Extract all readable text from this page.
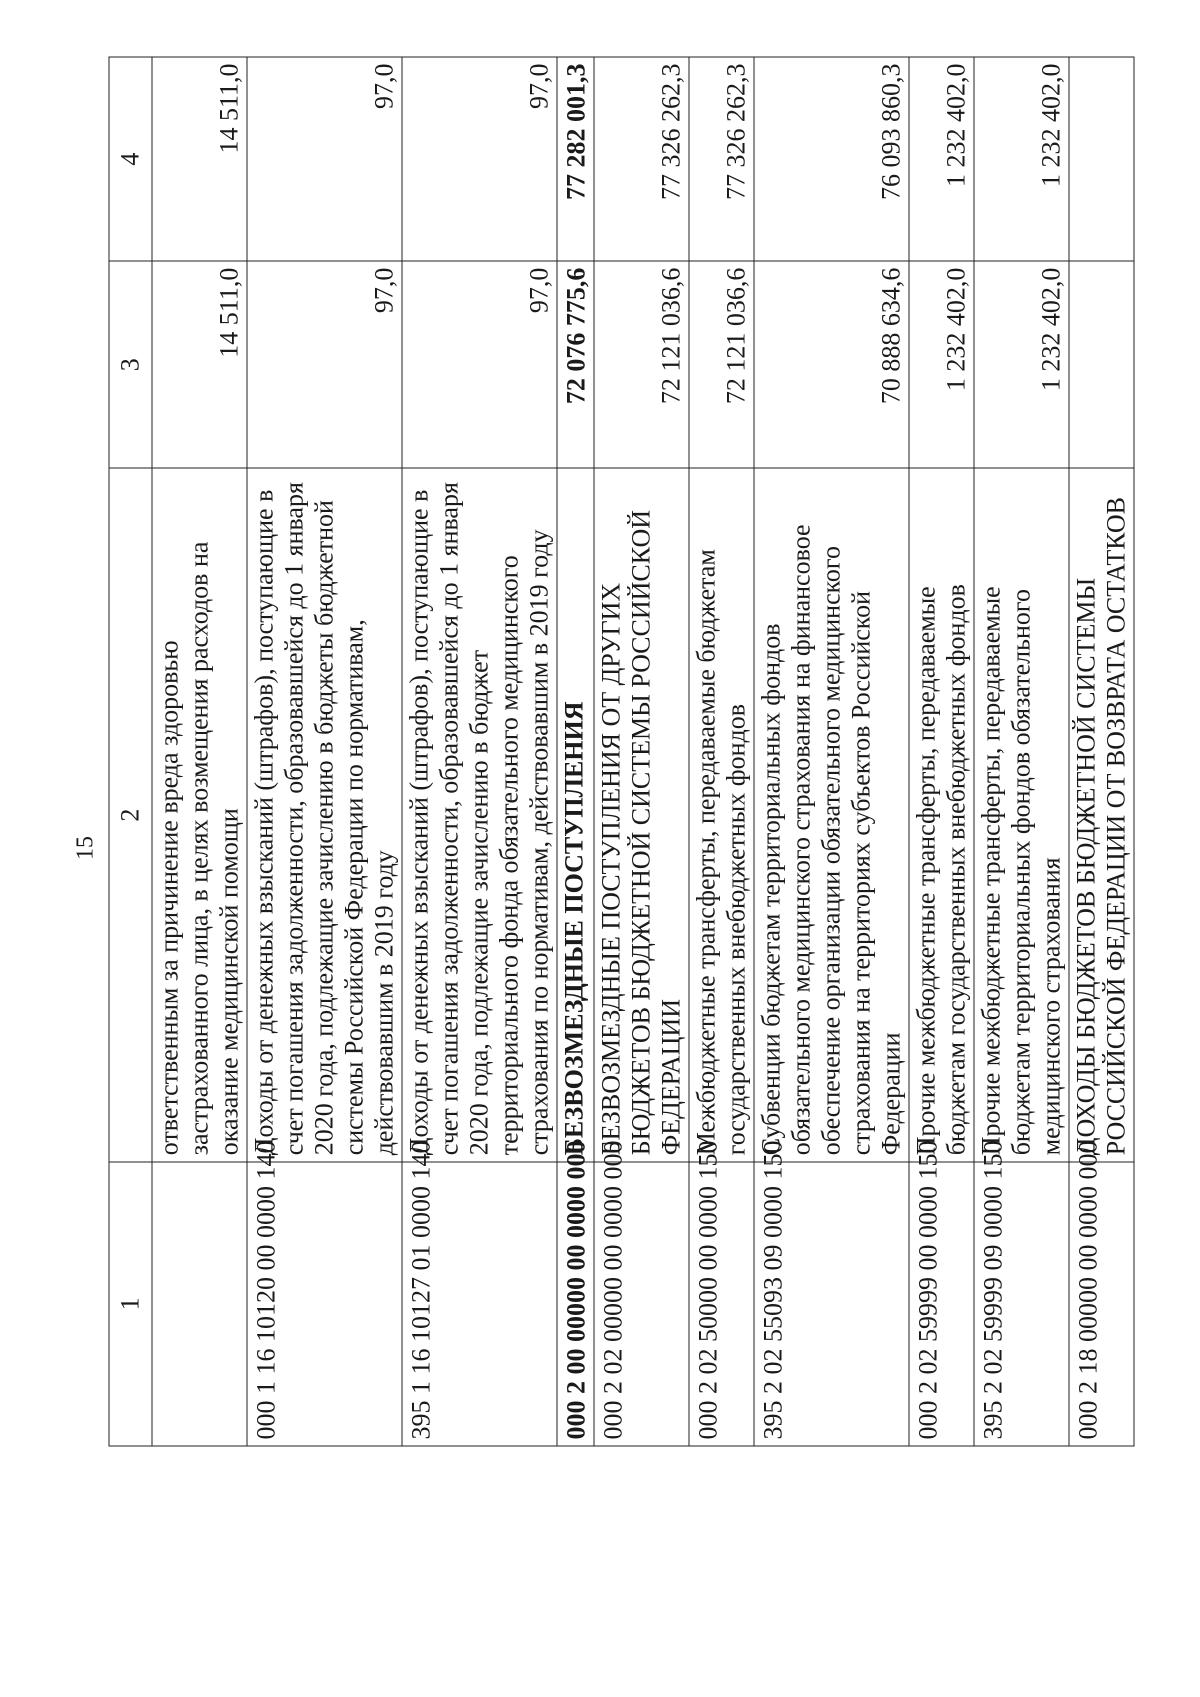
15
1	2	3	4
	ответственным за причинение вреда здоровью застрахованного лица, в целях возмещения расходов на оказание медицинской помощи	14 511,0	14 511,0
000 1 16 10120 00 0000 140	Доходы от денежных взысканий (штрафов), поступающие в счет погашения задолженности, образовавшейся до 1 января 2020 года, подлежащие зачислению в бюджеты бюджетной системы Российской Федерации по нормативам, действовавшим в 2019 году	97,0	97,0
395 1 16 10127 01 0000 140	Доходы от денежных взысканий (штрафов), поступающие в счет погашения задолженности, образовавшейся до 1 января 2020 года, подлежащие зачислению в бюджет территориального фонда обязательного медицинского страхования по нормативам, действовавшим в 2019 году	97,0	97,0
000 2 00 00000 00 0000 000	БЕЗВОЗМЕЗДНЫЕ ПОСТУПЛЕНИЯ	72 076 775,6	77 282 001,3
000 2 02 00000 00 0000 000	БЕЗВОЗМЕЗДНЫЕ ПОСТУПЛЕНИЯ ОТ ДРУГИХ БЮДЖЕТОВ БЮДЖЕТНОЙ СИСТЕМЫ РОССИЙСКОЙ ФЕДЕРАЦИИ	72 121 036,6	77 326 262,3
000 2 02 50000 00 0000 150	Межбюджетные трансферты, передаваемые бюджетам государственных внебюджетных фондов	72 121 036,6	77 326 262,3
395 2 02 55093 09 0000 150	Субвенции бюджетам территориальных фондов обязательного медицинского страхования на финансовое обеспечение организации обязательного медицинского страхования на территориях субъектов Российской Федерации	70 888 634,6	76 093 860,3
000 2 02 59999 00 0000 150	Прочие межбюджетные трансферты, передаваемые бюджетам государственных внебюджетных фондов	1 232 402,0	1 232 402,0
395 2 02 59999 09 0000 150	Прочие межбюджетные трансферты, передаваемые бюджетам территориальных фондов обязательного медицинского страхования	1 232 402,0	1 232 402,0
000 2 18 00000 00 0000 000	ДОХОДЫ БЮДЖЕТОВ БЮДЖЕТНОЙ СИСТЕМЫ РОССИЙСКОЙ ФЕДЕРАЦИИ ОТ ВОЗВРАТА ОСТАТКОВ		
